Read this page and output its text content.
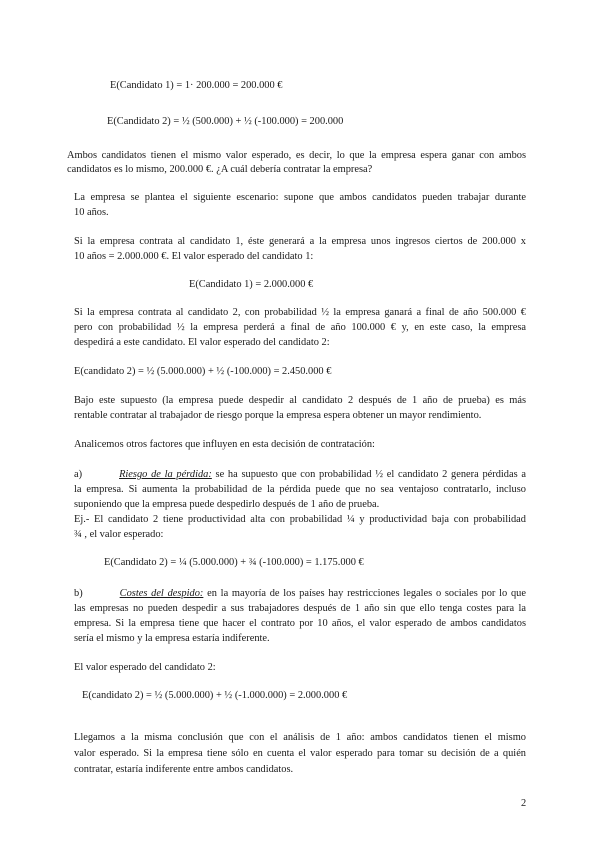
E(Candidato 1) = 1· 200.000 = 200.000 €
E(Candidato 2) = ½ (500.000) + ½ (-100.000) = 200.000
Ambos candidatos tienen el mismo valor esperado, es decir, lo que la empresa espera ganar con ambos
candidatos es lo mismo, 200.000 €. ¿A cuál debería contratar la empresa?
La empresa se plantea el siguiente escenario: supone que ambos candidatos pueden trabajar durante
10 años.
Si la empresa contrata al candidato 1, éste generará a la empresa unos ingresos ciertos de 200.000 x
10 años = 2.000.000 €. El valor esperado del candidato 1:
E(Candidato 1) = 2.000.000 €
Si la empresa contrata al candidato 2, con probabilidad ½ la empresa ganará a final de año 500.000 €
pero con probabilidad ½ la empresa perderá a final de año 100.000 € y, en este caso, la empresa
despedirá a este candidato. El valor esperado del candidato 2:
E(candidato 2) = ½ (5.000.000) + ½ (-100.000) = 2.450.000 €
Bajo este supuesto (la empresa puede despedir al candidato 2 después de 1 año de prueba) es más
rentable contratar al trabajador de riesgo porque la empresa espera obtener un mayor rendimiento.
Analicemos otros factores que influyen en esta decisión de contratación:
a)	Riesgo de la pérdida: se ha supuesto que con probabilidad ½ el candidato 2 genera pérdidas a
la empresa. Si aumenta la probabilidad de la pérdida puede que no sea ventajoso contratarlo, incluso
suponiendo que la empresa puede despedirlo después de 1 año de prueba.
Ej.- El candidato 2 tiene productividad alta con probabilidad ¼ y productividad baja con probabilidad
¾ , el valor esperado:
E(Candidato 2) = ¼ (5.000.000) + ¾ (-100.000) = 1.175.000 €
b)	Costes del despido: en la mayoría de los países hay restricciones legales o sociales por lo que
las empresas no pueden despedir a sus trabajadores después de 1 año sin que ello tenga costes para la
empresa. Si la empresa tiene que hacer el contrato por 10 años, el valor esperado de ambos candidatos
sería el mismo y la empresa estaría indiferente.
El valor esperado del candidato 2:
E(candidato 2) = ½ (5.000.000) + ½ (-1.000.000) = 2.000.000 €
Llegamos a la misma conclusión que con el análisis de 1 año: ambos candidatos tienen el mismo
valor esperado. Si la empresa tiene sólo en cuenta el valor esperado para tomar su decisión de a quién
contratar, estaría indiferente entre ambos candidatos.
2
